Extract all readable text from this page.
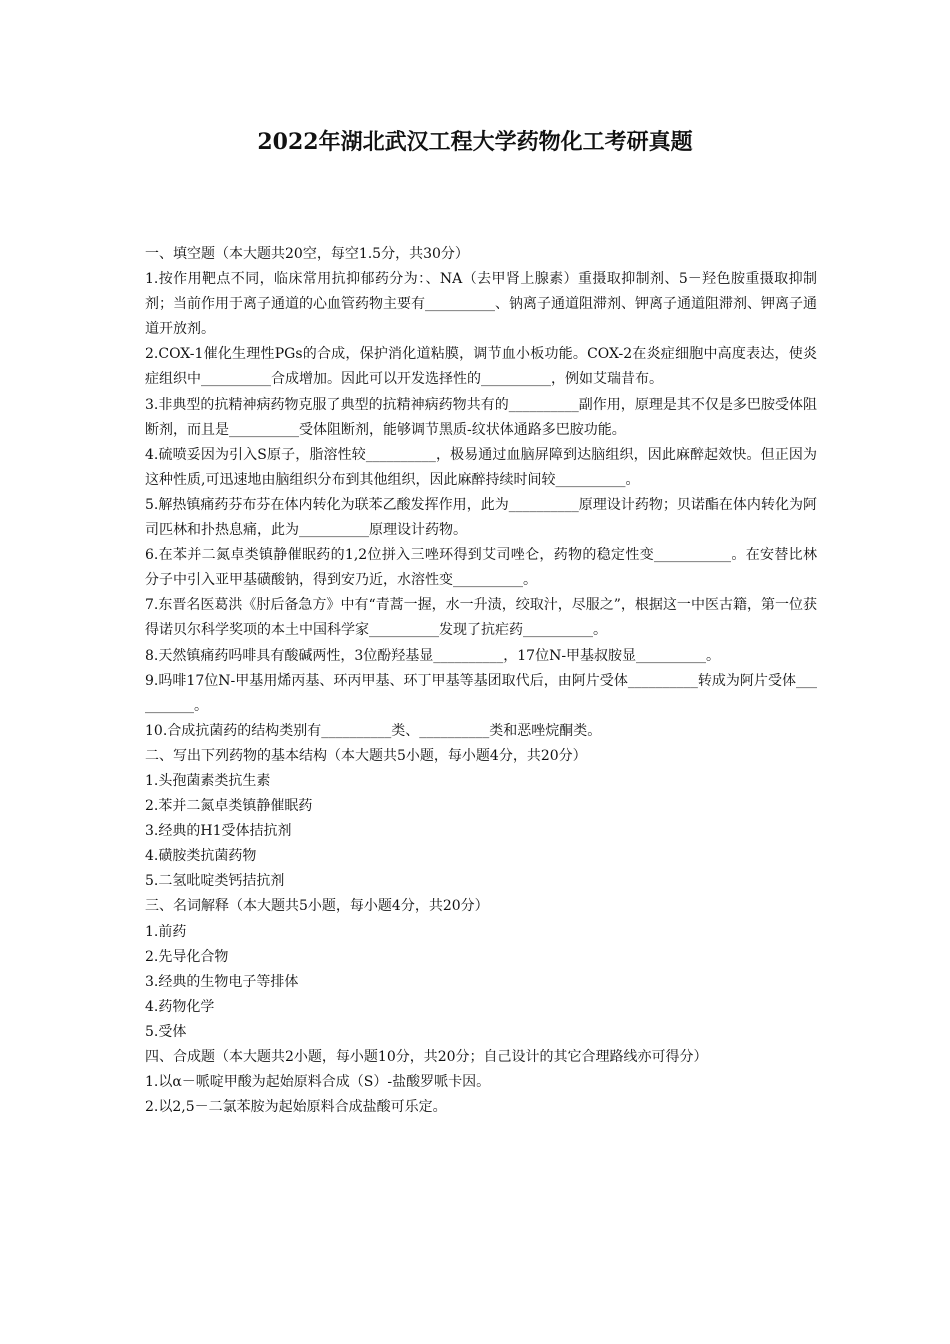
2022年湖北武汉工程大学药物化工考研真题

一、填空题（本大题共20空，每空1.5分，共30分）

1.按作用靶点不同，临床常用抗抑郁药分为：、NA（去甲肾上腺素）重摄取抑制剂、5－羟色胺重摄取抑制剂；当前作用于离子通道的心血管药物主要有__________、钠离子通道阻滞剂、钾离子通道阻滞剂、钾离子通道开放剂。

2.COX-1催化生理性PGs的合成，保护消化道粘膜，调节血小板功能。COX-2在炎症细胞中高度表达，使炎症组织中__________合成增加。因此可以开发选择性的__________，例如艾瑞昔布。

3.非典型的抗精神病药物克服了典型的抗精神病药物共有的__________副作用，原理是其不仅是多巴胺受体阻断剂，而且是__________受体阻断剂，能够调节黑质-纹状体通路多巴胺功能。

4.硫喷妥因为引入S原子，脂溶性较__________，极易通过血脑屏障到达脑组织，因此麻醉起效快。但正因为这种性质,可迅速地由脑组织分布到其他组织，因此麻醉持续时间较__________。

5.解热镇痛药芬布芬在体内转化为联苯乙酸发挥作用，此为__________原理设计药物；贝诺酯在体内转化为阿司匹林和扑热息痛，此为__________原理设计药物。

6.在苯并二氮卓类镇静催眠药的1,2位拼入三唑环得到艾司唑仑，药物的稳定性变___________。在安替比林分子中引入亚甲基磺酸钠，得到安乃近，水溶性变__________。

7.东晋名医葛洪《肘后备急方》中有“青蒿一握，水一升渍，绞取汁，尽服之”，根据这一中医古籍，第一位获得诺贝尔科学奖项的本土中国科学家__________发现了抗疟药__________。

8.天然镇痛药吗啡具有酸碱两性，3位酚羟基显__________，17位N-甲基叔胺显__________。

9.吗啡17位N-甲基用烯丙基、环丙甲基、环丁甲基等基团取代后，由阿片受体__________转成为阿片受体__________。

10.合成抗菌药的结构类别有__________类、__________类和恶唑烷酮类。

二、写出下列药物的基本结构（本大题共5小题，每小题4分，共20分）

1.头孢菌素类抗生素

2.苯并二氮卓类镇静催眠药

3.经典的H1受体拮抗剂

4.磺胺类抗菌药物

5.二氢吡啶类钙拮抗剂

三、名词解释（本大题共5小题，每小题4分，共20分）

1.前药

2.先导化合物

3.经典的生物电子等排体

4.药物化学

5.受体

四、合成题（本大题共2小题，每小题10分，共20分；自己设计的其它合理路线亦可得分）

1.以α－哌啶甲酸为起始原料合成（S）-盐酸罗哌卡因。

2.以2,5－二氯苯胺为起始原料合成盐酸可乐定。
